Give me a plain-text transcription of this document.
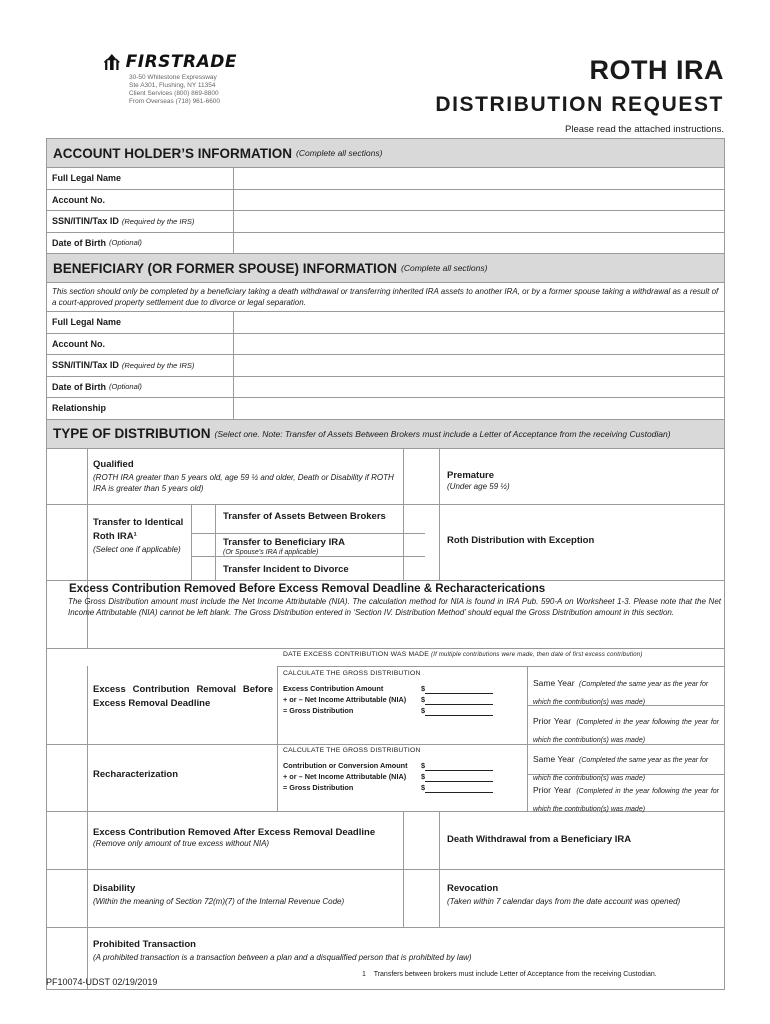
FIRSTRADE
30-50 Whitestone Expressway
Ste A301, Flushing, NY 11354
Client Services (800) 869-8800
From Overseas (718) 961-6600
ROTH IRA
DISTRIBUTION REQUEST
Please read the attached instructions.
ACCOUNT HOLDER’S INFORMATION (Complete all sections)
Full Legal Name
Account No.
SSN/ITIN/Tax ID (Required by the IRS)
Date of Birth (Optional)
BENEFICIARY (OR FORMER SPOUSE) INFORMATION (Complete all sections)
This section should only be completed by a beneficiary taking a death withdrawal or transferring inherited IRA assets to another IRA, or by a former spouse taking a withdrawal as a result of a court-approved property settlement due to divorce or legal separation.
Full Legal Name
Account No.
SSN/ITIN/Tax ID (Required by the IRS)
Date of Birth (Optional)
Relationship
TYPE OF DISTRIBUTION (Select one. Note: Transfer of Assets Between Brokers must include a Letter of Acceptance from the receiving Custodian)
Qualified
(ROTH IRA greater than 5 years old, age 59 ½ and older, Death or Disability if ROTH IRA is greater than 5 years old)
Premature
(Under age 59 ½)
Transfer to Identical Roth IRA¹
(Select one if applicable)
Transfer of Assets Between Brokers
Transfer to Beneficiary IRA
(Or Spouse’s IRA if applicable)
Transfer Incident to Divorce
Roth Distribution with Exception
Excess Contribution Removed Before Excess Removal Deadline & Recharacterications
The Gross Distribution amount must include the Net Income Attributable (NIA). The calculation method for NIA is found in IRA Pub. 590-A on Worksheet 1-3. Please note that the Net Income Attributable (NIA) cannot be left blank. The Gross Distribution entered in ‘Section IV. Distribution Method’ should equal the Gross Distribution amount in this section.
DATE EXCESS CONTRIBUTION WAS MADE (If multiple contributions were made, then date of first excess contribution)
Excess Contribution Removal Before Excess Removal Deadline
CALCULATE THE GROSS DISTRIBUTION
Excess Contribution Amount	$
+ or – Net Income Attributable (NIA) $
= Gross Distribution	$
Same Year (Completed the same year as the year for which the contribution(s) was made)
Prior Year (Completed in the year following the year for which the contribution(s) was made)
Recharacterization
CALCULATE THE GROSS DISTRIBUTION
Contribution or Conversion Amount $
+ or – Net Income Attributable (NIA) $
= Gross Distribution	$
Same Year (Completed the same year as the year for which the contribution(s) was made)
Prior Year (Completed in the year following the year for which the contribution(s) was made)
Excess Contribution Removed After Excess Removal Deadline
(Remove only amount of true excess without NIA)	Death Withdrawal from a Beneficiary IRA
Disability
(Within the meaning of Section 72(m)(7) of the Internal Revenue Code)
Revocation
(Taken within 7 calendar days from the date account was opened)
Prohibited Transaction
(A prohibited transaction is a transaction between a plan and a disqualified person that is prohibited by law)
PF10074-UDST 02/19/2019
1 Transfers between brokers must include Letter of Acceptance from the receiving Custodian.
